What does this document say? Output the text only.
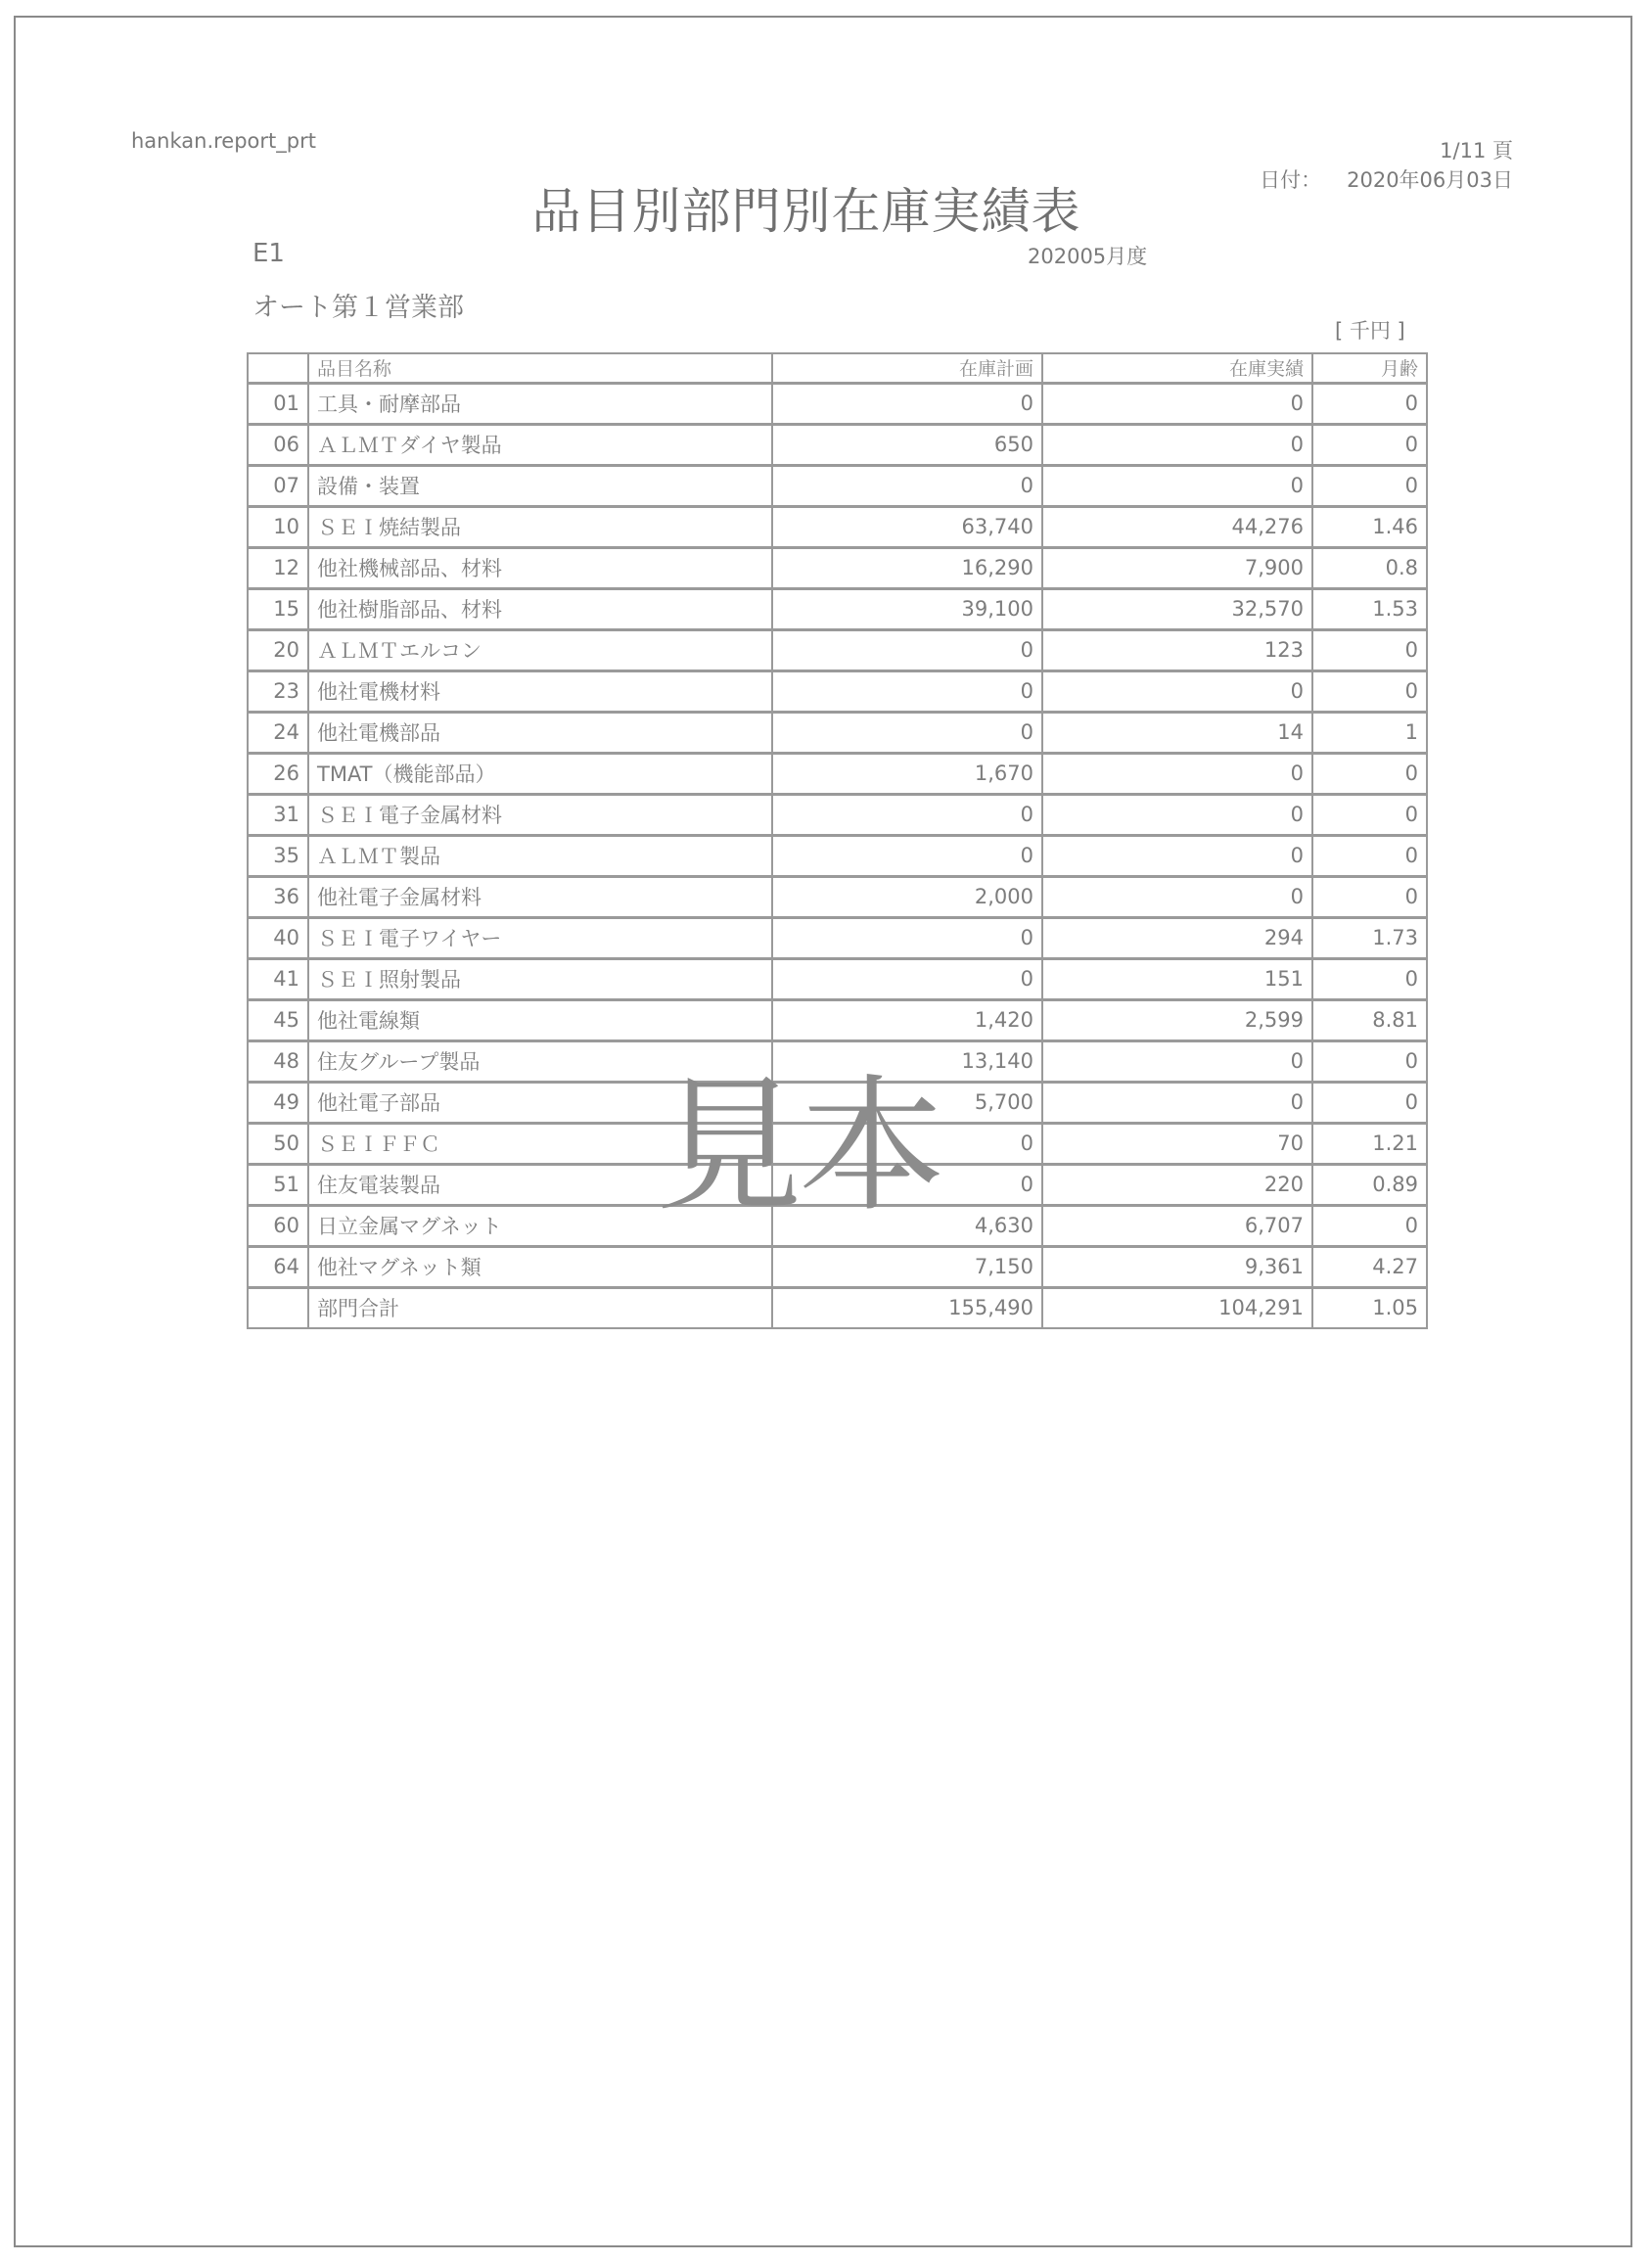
hankan.report_prt	1/11 頁
日付： 2020年06月03日
品目別部門別在庫実績表
E1	202005月度
オート第１営業部
[ 千円 ]
	品目名称	在庫計画	在庫実績	月齢
01	工具・耐摩部品	0	0	0
06	ＡＬＭＴダイヤ製品	650	0	0
07	設備・装置	0	0	0
10	ＳＥＩ焼結製品	63,740	44,276	1.46
12	他社機械部品、材料	16,290	7,900	0.8
15	他社樹脂部品、材料	39,100	32,570	1.53
20	ＡＬＭＴエルコン	0	123	0
23	他社電機材料	0	0	0
24	他社電機部品	0	14	1
26	TMAT（機能部品）	1,670	0	0
31	ＳＥＩ電子金属材料	0	0	0
35	ＡＬＭＴ製品	0	0	0
36	他社電子金属材料	2,000	0	0
40	ＳＥＩ電子ワイヤー	0	294	1.73
41	ＳＥＩ照射製品	0	151	0
45	他社電線類	1,420	2,599	8.81
48	住友グループ製品	13,140	0	0
49	他社電子部品	5,700	0	0
50	ＳＥＩＦＦＣ	0	70	1.21
51	住友電装製品	0	220	0.89
60	日立金属マグネット	4,630	6,707	0
64	他社マグネット類	7,150	9,361	4.27
	部門合計	155,490	104,291	1.05
見本
